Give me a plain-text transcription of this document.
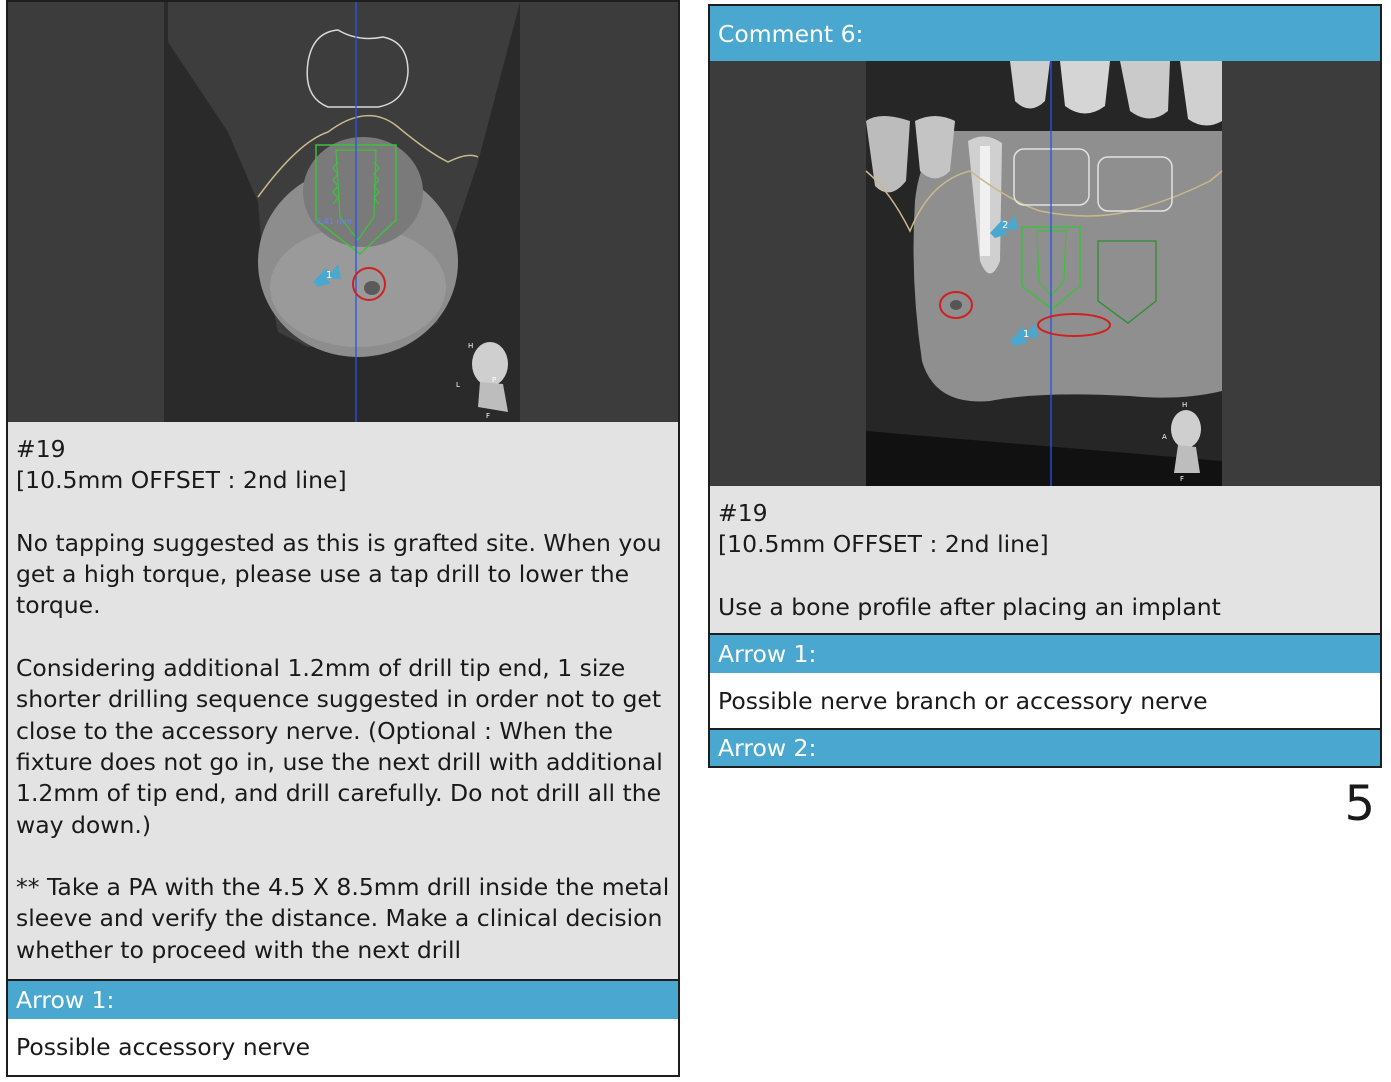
3.41 mm
1
H
L
P
F

#19

[10.5mm OFFSET : 2nd line]

No tapping suggested as this is grafted site. When you get a high torque, please use a tap drill to lower the torque.

Considering additional 1.2mm of drill tip end, 1 size shorter drilling sequence suggested in order not to get close to the accessory nerve. (Optional : When the fixture does not go in, use the next drill with additional 1.2mm of tip end, and drill carefully. Do not drill all the way down.)

** Take a PA with the 4.5 X 8.5mm drill inside the metal sleeve and verify the distance. Make a clinical decision whether to proceed with the next drill

Arrow 1:
Possible accessory nerve
Comment 6:
1
2
H
A
F

#19

[10.5mm OFFSET : 2nd line]

Use a bone profile after placing an implant

Arrow 1:
Possible nerve branch or accessory nerve
Arrow 2:
5
